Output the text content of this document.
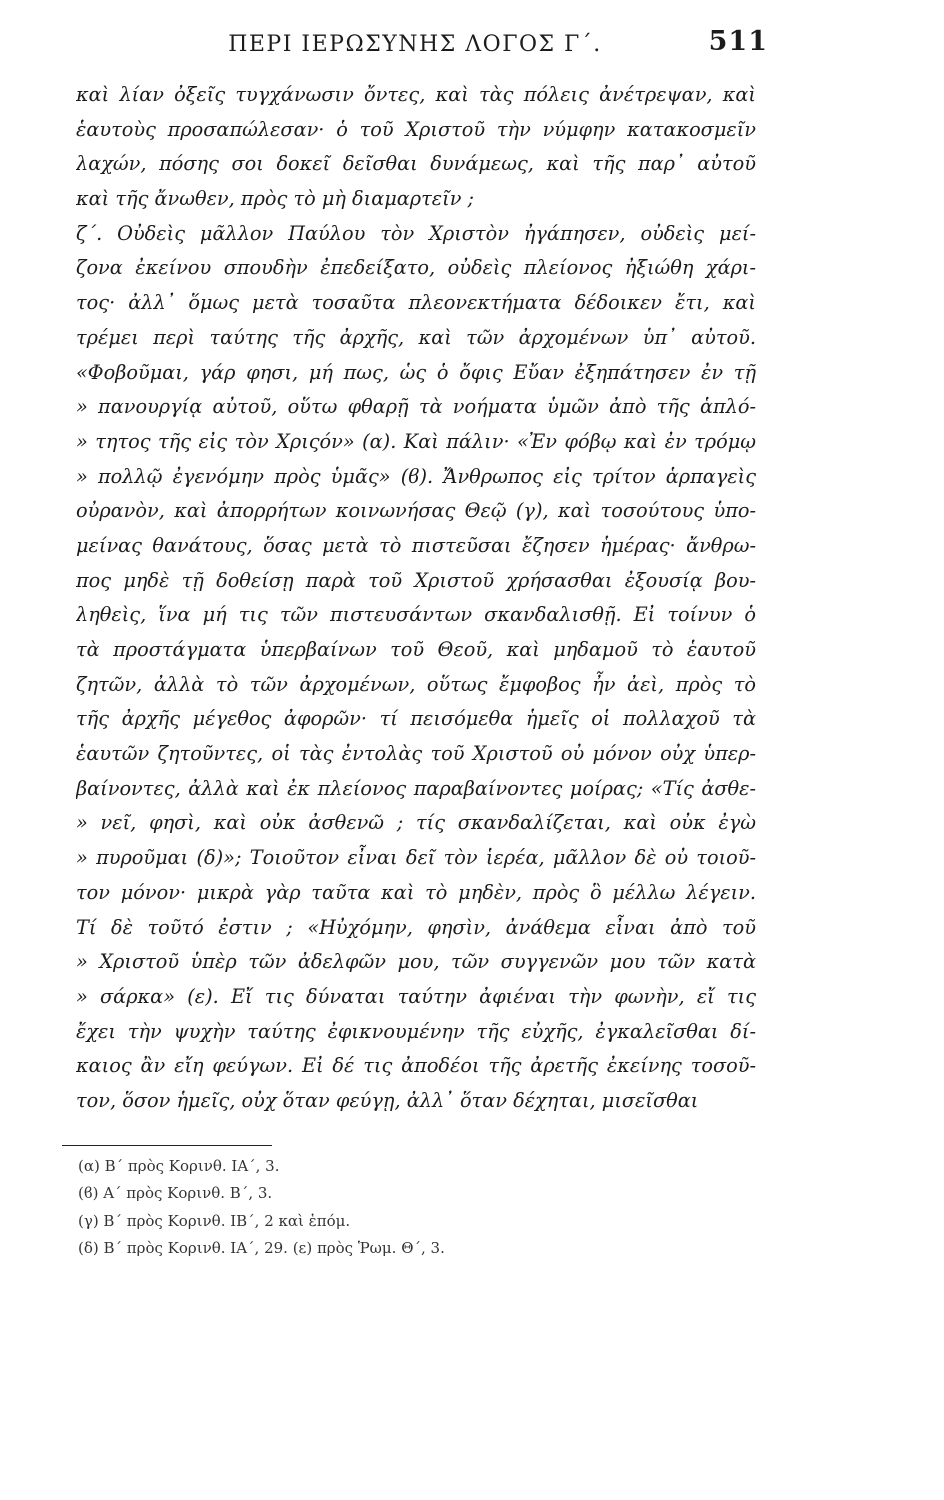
ΠΕΡΙ ΙΕΡΩΣΥΝΗΣ ΛΟΓΟΣ Γ΄.	511
καὶ λίαν ὀξεῖς τυγχάνωσιν ὄντες, καὶ τὰς πόλεις ἀνέτρεψαν, καὶ
ἑαυτοὺς προσαπώλεσαν· ὁ τοῦ Χριστοῦ τὴν νύμφην κατακοσμεῖν
λαχών, πόσης σοι δοκεῖ δεῖσθαι δυνάμεως, καὶ τῆς παρ᾽ αὐτοῦ
καὶ τῆς ἄνωθεν, πρὸς τὸ μὴ διαμαρτεῖν ;
ζ΄. Οὐδεὶς μᾶλλον Παύλου τὸν Χριστὸν ἠγάπησεν, οὐδεὶς μεί-
ζονα ἐκείνου σπουδὴν ἐπεδείξατο, οὐδεὶς πλείονος ἠξιώθη χάρι-
τος· ἀλλ᾽ ὅμως μετὰ τοσαῦτα πλεονεκτήματα δέδοικεν ἔτι, καὶ
τρέμει περὶ ταύτης τῆς ἀρχῆς, καὶ τῶν ἀρχομένων ὑπ᾽ αὐτοῦ.
«Φοβοῦμαι, γάρ φησι, μή πως, ὡς ὁ ὄφις Εὔαν ἐξηπάτησεν ἐν τῇ
» πανουργίᾳ αὐτοῦ, οὕτω φθαρῇ τὰ νοήματα ὑμῶν ἀπὸ τῆς ἁπλό-
» τητος τῆς εἰς τὸν Χριςόν» (α). Καὶ πάλιν· «Ἐν φόβῳ καὶ ἐν τρόμῳ
» πολλῷ ἐγενόμην πρὸς ὑμᾶς» (ϐ). Ἄνθρωπος εἰς τρίτον ἁρπαγεὶς
οὐρανὸν, καὶ ἀπορρήτων κοινωνήσας Θεῷ (γ), καὶ τοσούτους ὑπο-
μείνας θανάτους, ὅσας μετὰ τὸ πιστεῦσαι ἔζησεν ἡμέρας· ἄνθρω-
πος μηδὲ τῇ δοθείσῃ παρὰ τοῦ Χριστοῦ χρήσασθαι ἐξουσίᾳ βου-
ληθεὶς, ἵνα μή τις τῶν πιστευσάντων σκανδαλισθῇ. Εἰ τοίνυν ὁ
τὰ προστάγματα ὑπερβαίνων τοῦ Θεοῦ, καὶ μηδαμοῦ τὸ ἑαυτοῦ
ζητῶν, ἀλλὰ τὸ τῶν ἀρχομένων, οὕτως ἔμφοβος ἦν ἀεὶ, πρὸς τὸ
τῆς ἀρχῆς μέγεθος ἀφορῶν· τί πεισόμεθα ἡμεῖς οἱ πολλαχοῦ τὰ
ἑαυτῶν ζητοῦντες, οἱ τὰς ἐντολὰς τοῦ Χριστοῦ οὐ μόνον οὐχ ὑπερ-
βαίνοντες, ἀλλὰ καὶ ἐκ πλείονος παραβαίνοντες μοίρας; «Τίς ἀσθε-
» νεῖ, φησὶ, καὶ οὐκ ἀσθενῶ ; τίς σκανδαλίζεται, καὶ οὐκ ἐγὼ
» πυροῦμαι (δ)»; Τοιοῦτον εἶναι δεῖ τὸν ἱερέα, μᾶλλον δὲ οὐ τοιοῦ-
τον μόνον· μικρὰ γὰρ ταῦτα καὶ τὸ μηδὲν, πρὸς ὃ μέλλω λέγειν.
Τί δὲ τοῦτό ἐστιν ; «Ηὐχόμην, φησὶν, ἀνάθεμα εἶναι ἀπὸ τοῦ
» Χριστοῦ ὑπὲρ τῶν ἀδελφῶν μου, τῶν συγγενῶν μου τῶν κατὰ
» σάρκα» (ε). Εἴ τις δύναται ταύτην ἀφιέναι τὴν φωνὴν, εἴ τις
ἔχει τὴν ψυχὴν ταύτης ἐφικνουμένην τῆς εὐχῆς, ἐγκαλεῖσθαι δί-
καιος ἂν εἴη φεύγων. Εἰ δέ τις ἀποδέοι τῆς ἀρετῆς ἐκείνης τοσοῦ-
τον, ὅσον ἡμεῖς, οὐχ ὅταν φεύγῃ, ἀλλ᾽ ὅταν δέχηται, μισεῖσθαι
(α) Β΄ πρὸς Κορινθ. ΙΑ΄, 3.
(ϐ) Α΄ πρὸς Κορινθ. Β΄, 3.
(γ) Β΄ πρὸς Κορινθ. ΙΒ΄, 2 καὶ ἑπόμ.
(δ) Β΄ πρὸς Κορινθ. ΙΑ΄, 29. (ε) πρὸς Ῥωμ. Θ΄, 3.
